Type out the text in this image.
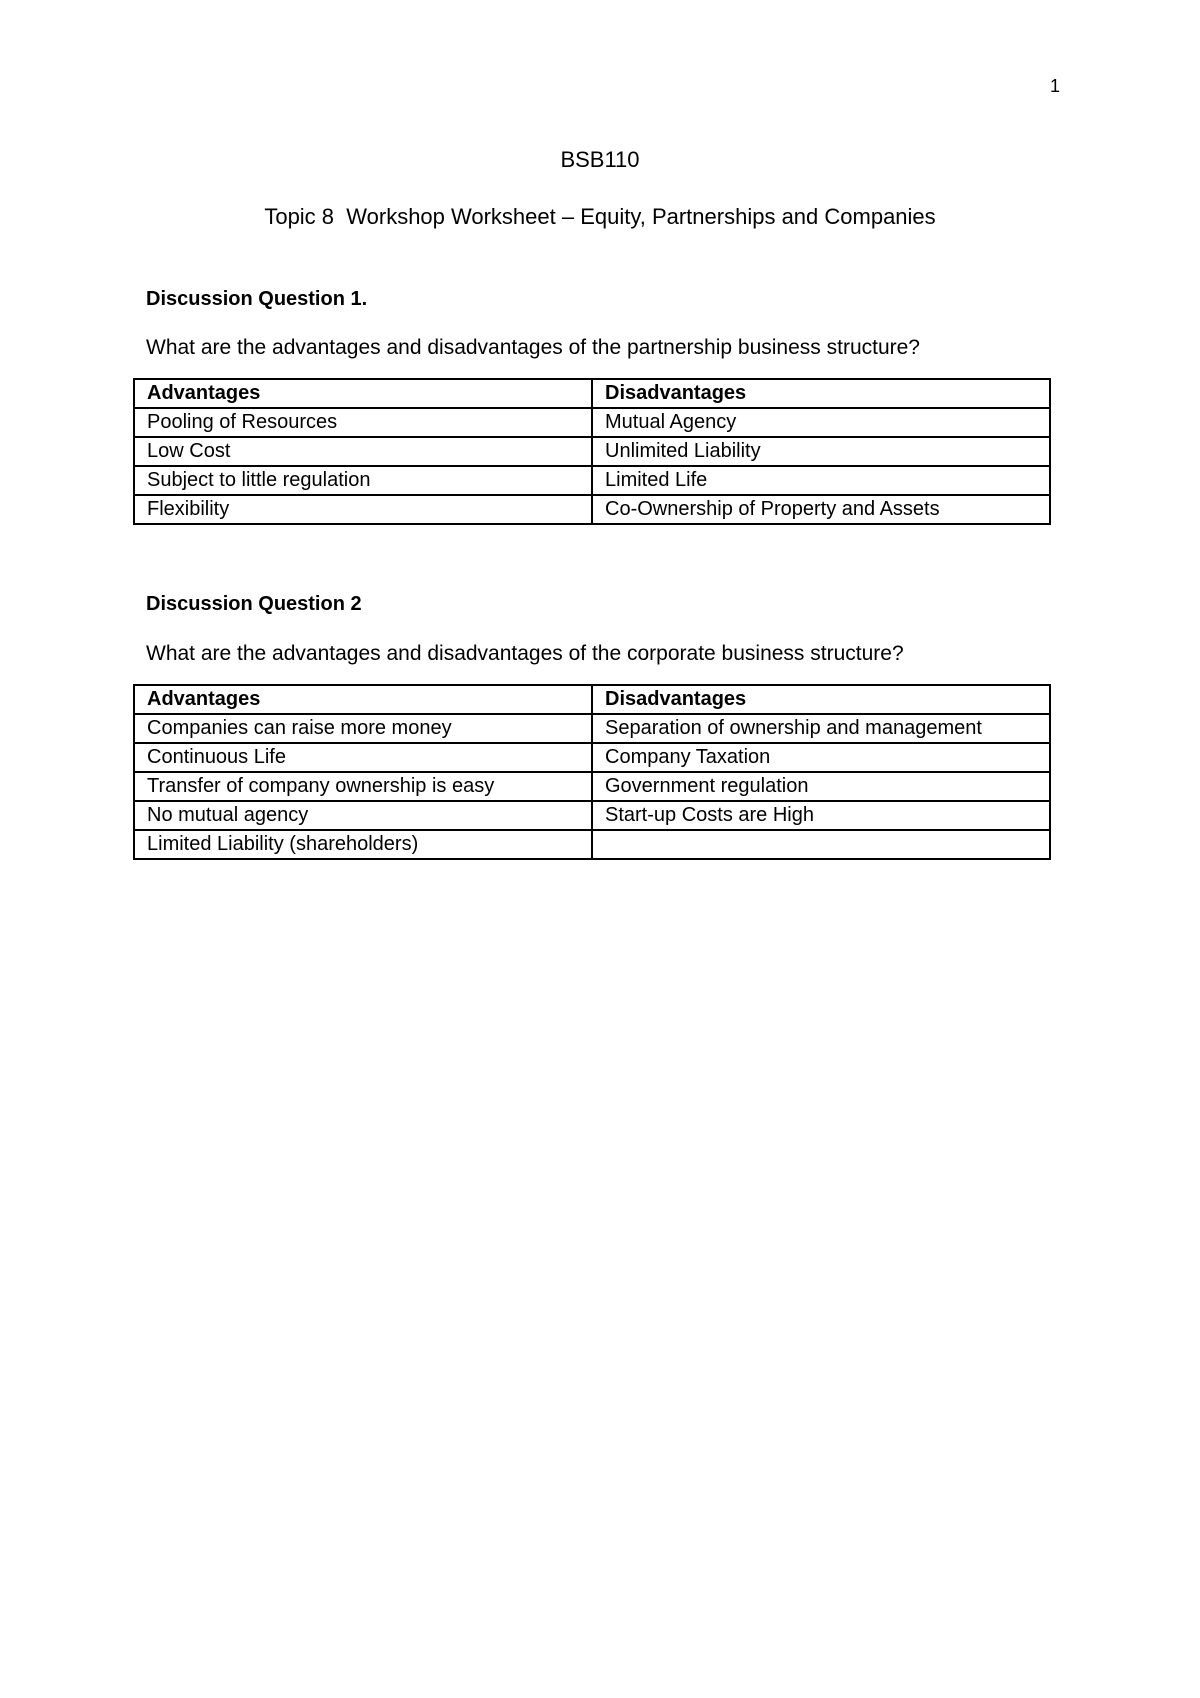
1
BSB110
Topic 8  Workshop Worksheet – Equity, Partnerships and Companies
Discussion Question 1.
What are the advantages and disadvantages of the partnership business structure?
Advantages	Disadvantages
Pooling of Resources	Mutual Agency
Low Cost	Unlimited Liability
Subject to little regulation	Limited Life
Flexibility	Co-Ownership of Property and Assets
Discussion Question 2
What are the advantages and disadvantages of the corporate business structure?
Advantages	Disadvantages
Companies can raise more money	Separation of ownership and management
Continuous Life	Company Taxation
Transfer of company ownership is easy	Government regulation
No mutual agency	Start-up Costs are High
Limited Liability (shareholders)	
